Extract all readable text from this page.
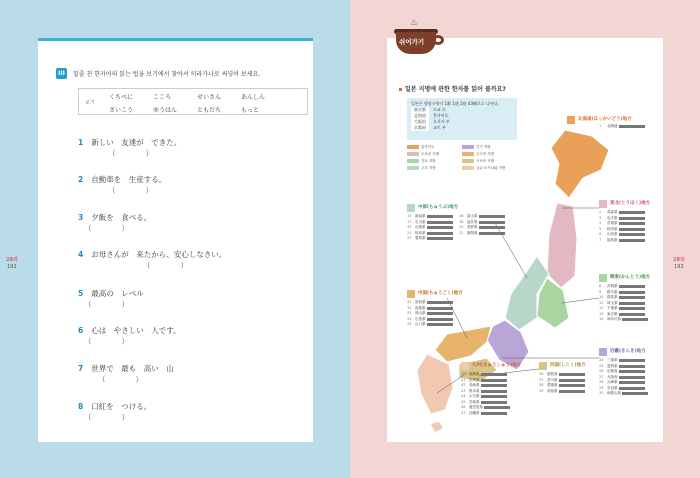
28과
192
28과
193
III	밑줄 친 한자어의 읽는 법을 보기에서 찾아서 히라가나로 써넣어 보세요.
보기
くちべに	こころ	せいさん	あんしん
さいこう	ゆうはん	ともだち	もっと
1 新しい　友達が　できた。
（　　　　）
2 自動車を　生産する。
（　　　　）
3 夕飯を　食べる。
（　　　　）
4 お母さんが　来たから、安心しなさい。
（　　　　）
5 最高の　レベル
（　　　　）
6 心は　やさしい　人です。
（　　　　）
7 世界で　最も　高い　山
（　　　　）
8 口紅を　つける。
（　　　　）
♨
쉬어가기
일본 지명에 관한 한자를 읽어 볼까요?
일본은 행정구역이 1都 1道 2府 43縣으로 나뉜다.
東京都	도쿄 도
北海道	홋카이도
大阪府	오사카 부
京都府	교토 부
홋카이도	긴키 지방
도호쿠 지방	주고쿠 지방
간토 지방	시코쿠 지방
주부 지방	규슈·오키나와 지방
北海道(ほっかいどう)地方
1	北海道
東北(とうほく)地方
2	青森県
3	岩手県
4	宮城県
5	秋田県
6	山形県
7	福島県
中部(ちゅうぶ)地方
15	新潟県	16	富山県
17	石川県	18	福井県
19	山梨県	20	長野県
21	岐阜県	22	静岡県
23	愛知県
関東(かんとう)地方
8	茨城県
9	栃木県
10	群馬県
11	埼玉県
12	千葉県
13	東京都
14	神奈川県
中国(ちゅうごく)地方
31	鳥取県
32	島根県
33	岡山県
34	広島県
35	山口県
近畿(きんき)地方
24	三重県
25	滋賀県
26	京都府
27	大阪府
28	兵庫県
29	奈良県
30	和歌山県
九州(きゅうしゅう)地方
40	福岡県
41	佐賀県
42	長崎県
43	熊本県
44	大分県
45	宮崎県
46	鹿児島県
47	沖縄県
四国(しこく)地方
36	徳島県
37	香川県
38	愛媛県
39	高知県
